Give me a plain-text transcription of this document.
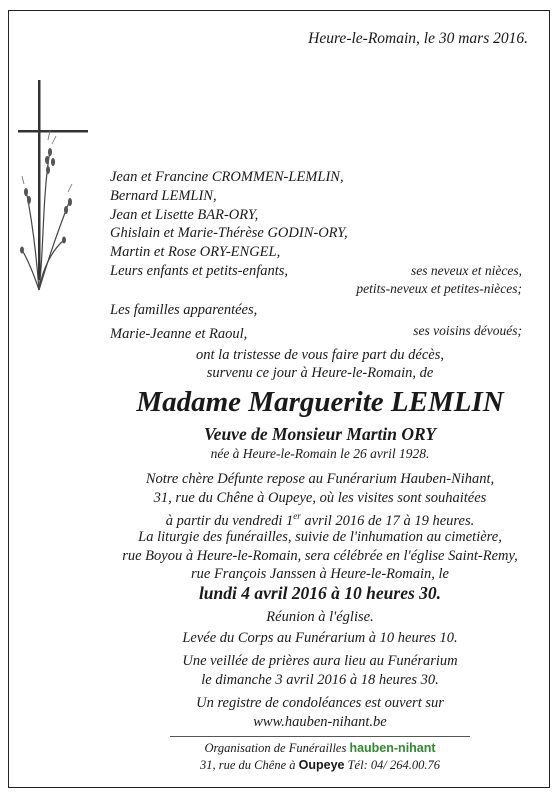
Heure-le-Romain, le 30 mars 2016.
Jean et Francine CROMMEN-LEMLIN,
Bernard LEMLIN,
Jean et Lisette BAR-ORY,
Ghislain et Marie-Thérèse GODIN-ORY,
Martin et Rose ORY-ENGEL,
Leurs enfants et petits-enfants,	ses neveux et nièces,
petits-neveux et petites-nièces;
Les familles apparentées,
Marie-Jeanne et Raoul,	ses voisins dévoués;
ont la tristesse de vous faire part du décès,
survenu ce jour à Heure-le-Romain, de
Madame Marguerite LEMLIN
Veuve de Monsieur Martin ORY
née à Heure-le-Romain le 26 avril 1928.
Notre chère Défunte repose au Funérarium Hauben-Nihant,
31, rue du Chêne à Oupeye, où les visites sont souhaitées
à partir du vendredi 1er avril 2016 de 17 à 19 heures.
La liturgie des funérailles, suivie de l'inhumation au cimetière,
rue Boyou à Heure-le-Romain, sera célébrée en l'église Saint-Remy,
rue François Janssen à Heure-le-Romain, le
lundi 4 avril 2016 à 10 heures 30.
Réunion à l'église.
Levée du Corps au Funérarium à 10 heures 10.
Une veillée de prières aura lieu au Funérarium
le dimanche 3 avril 2016 à 18 heures 30.
Un registre de condoléances est ouvert sur
www.hauben-nihant.be
Organisation de Funérailles hauben-nihant
31, rue du Chêne à Oupeye Tél: 04/ 264.00.76
